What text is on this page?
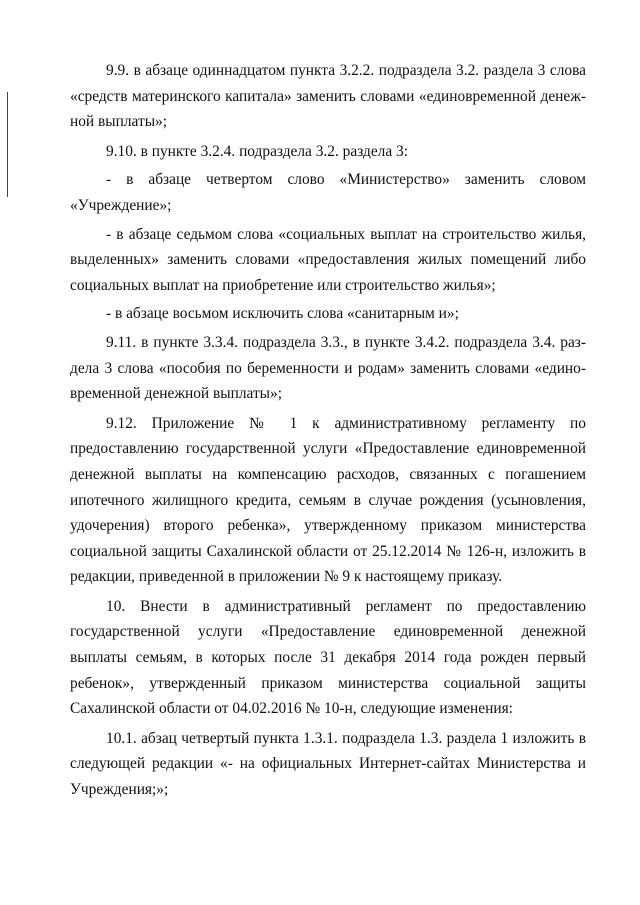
9.9. в абзаце одиннадцатом пункта 3.2.2. подраздела 3.2. раздела 3 слова «средств материнского капитала» заменить словами «единовременной денежной выплаты»;

9.10. в пункте 3.2.4. подраздела 3.2. раздела 3:

- в абзаце четвертом слово «Министерство» заменить словом «Учреждение»;

- в абзаце седьмом слова «социальных выплат на строительство жилья, выделенных» заменить словами «предоставления жилых помещений либо социальных выплат на приобретение или строительство жилья»;

- в абзаце восьмом исключить слова «санитарным и»;

9.11. в пункте 3.3.4. подраздела 3.3., в пункте 3.4.2. подраздела 3.4. раздела 3 слова «пособия по беременности и родам» заменить словами «единовременной денежной выплаты»;

9.12. Приложение № 1 к административному регламенту по предоставлению государственной услуги «Предоставление единовременной денежной выплаты на компенсацию расходов, связанных с погашением ипотечного жилищного кредита, семьям в случае рождения (усыновления, удочерения) второго ребенка», утвержденному приказом министерства социальной защиты Сахалинской области от 25.12.2014 № 126-н, изложить в редакции, приведенной в приложении № 9 к настоящему приказу.

10. Внести в административный регламент по предоставлению государственной услуги «Предоставление единовременной денежной выплаты семьям, в которых после 31 декабря 2014 года рожден первый ребенок», утвержденный приказом министерства социальной защиты Сахалинской области от 04.02.2016 № 10-н, следующие изменения:

10.1. абзац четвертый пункта 1.3.1. подраздела 1.3. раздела 1 изложить в следующей редакции «- на официальных Интернет-сайтах Министерства и Учреждения;»;
